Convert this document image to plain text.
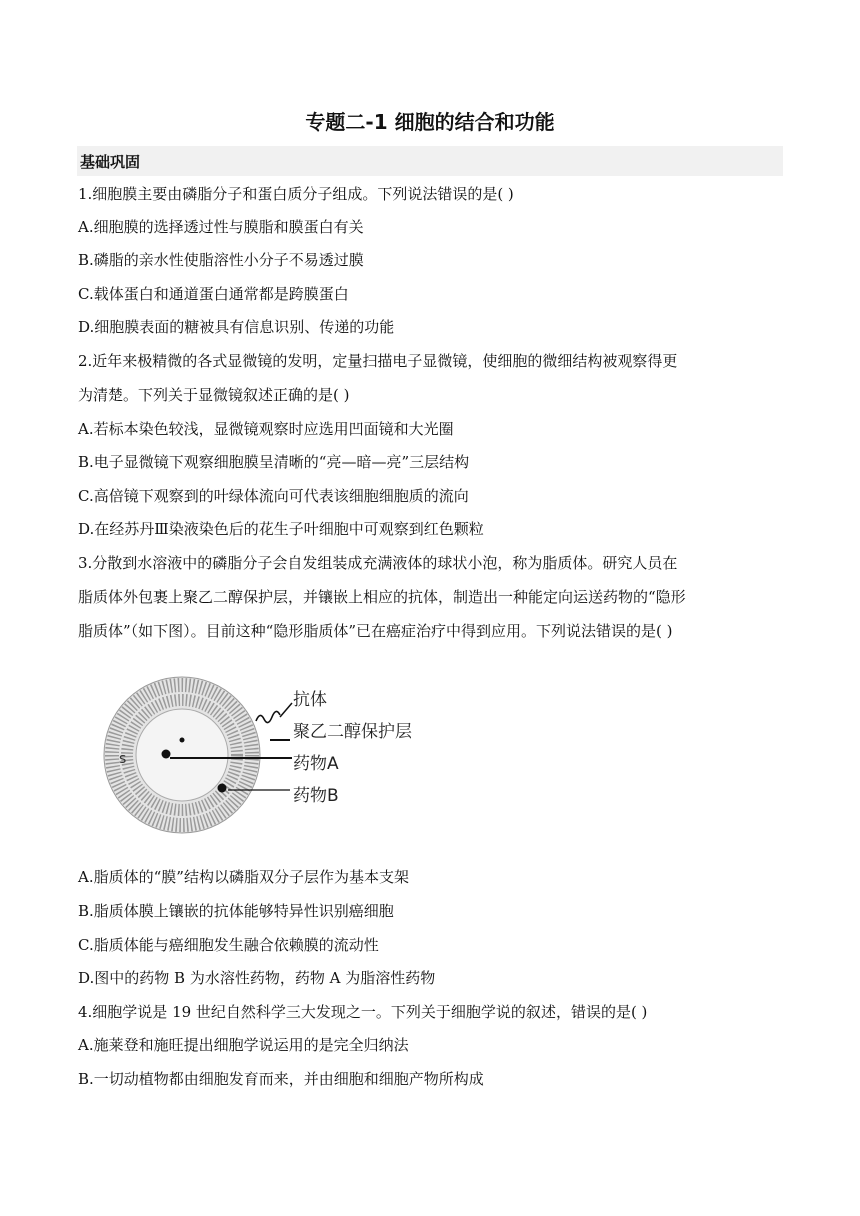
专题二-1 细胞的结合和功能
基础巩固
1.细胞膜主要由磷脂分子和蛋白质分子组成。下列说法错误的是( )
A.细胞膜的选择透过性与膜脂和膜蛋白有关
B.磷脂的亲水性使脂溶性小分子不易透过膜
C.载体蛋白和通道蛋白通常都是跨膜蛋白
D.细胞膜表面的糖被具有信息识别、传递的功能
2.近年来极精微的各式显微镜的发明，定量扫描电子显微镜，使细胞的微细结构被观察得更
为清楚。下列关于显微镜叙述正确的是( )
A.若标本染色较浅，显微镜观察时应选用凹面镜和大光圈
B.电子显微镜下观察细胞膜呈清晰的“亮—暗—亮”三层结构
C.高倍镜下观察到的叶绿体流向可代表该细胞细胞质的流向
D.在经苏丹Ⅲ染液染色后的花生子叶细胞中可观察到红色颗粒
3.分散到水溶液中的磷脂分子会自发组装成充满液体的球状小泡，称为脂质体。研究人员在
脂质体外包裹上聚乙二醇保护层，并镶嵌上相应的抗体，制造出一种能定向运送药物的“隐形
脂质体”（如下图）。目前这种“隐形脂质体”已在癌症治疗中得到应用。下列说法错误的是( )
s
抗体
聚乙二醇保护层
药物A
药物B
A.脂质体的“膜”结构以磷脂双分子层作为基本支架
B.脂质体膜上镶嵌的抗体能够特异性识别癌细胞
C.脂质体能与癌细胞发生融合依赖膜的流动性
D.图中的药物 B 为水溶性药物，药物 A 为脂溶性药物
4.细胞学说是 19 世纪自然科学三大发现之一。下列关于细胞学说的叙述，错误的是( )
A.施莱登和施旺提出细胞学说运用的是完全归纳法
B.一切动植物都由细胞发育而来，并由细胞和细胞产物所构成
